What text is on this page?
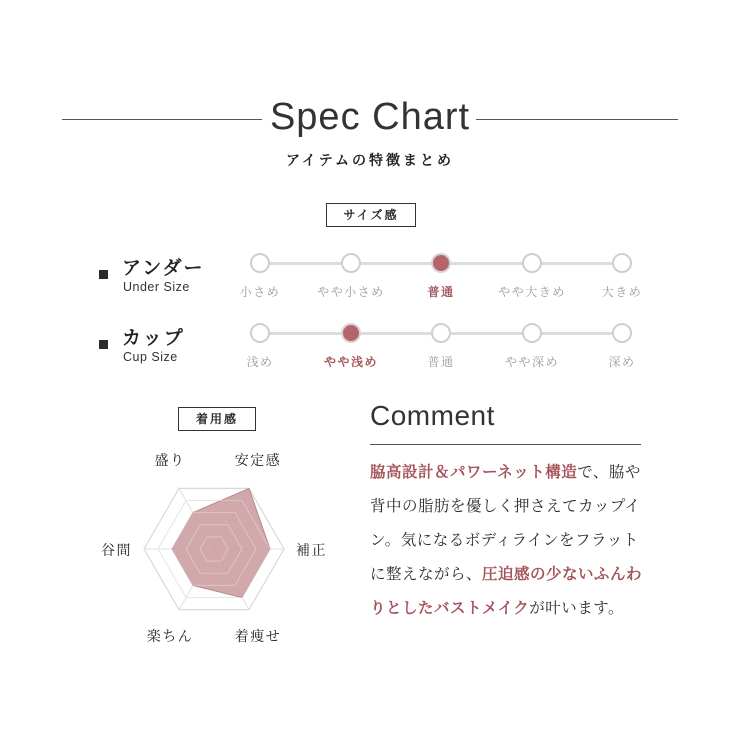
Spec Chart
アイテムの特徴まとめ
サイズ感
アンダー
Under Size	小さめ	やや小さめ	普通	やや大きめ	大きめ
カップ
Cup Size	浅め	やや浅め	普通	やや深め	深め
着用感
安定感
補正
着痩せ
楽ちん
谷間
盛り
Comment
脇高設計＆パワーネット構造で、脇や背中の脂肪を優しく押さえてカップイン。気になるボディラインをフラットに整えながら、圧迫感の少ないふんわりとしたバストメイクが叶います。
